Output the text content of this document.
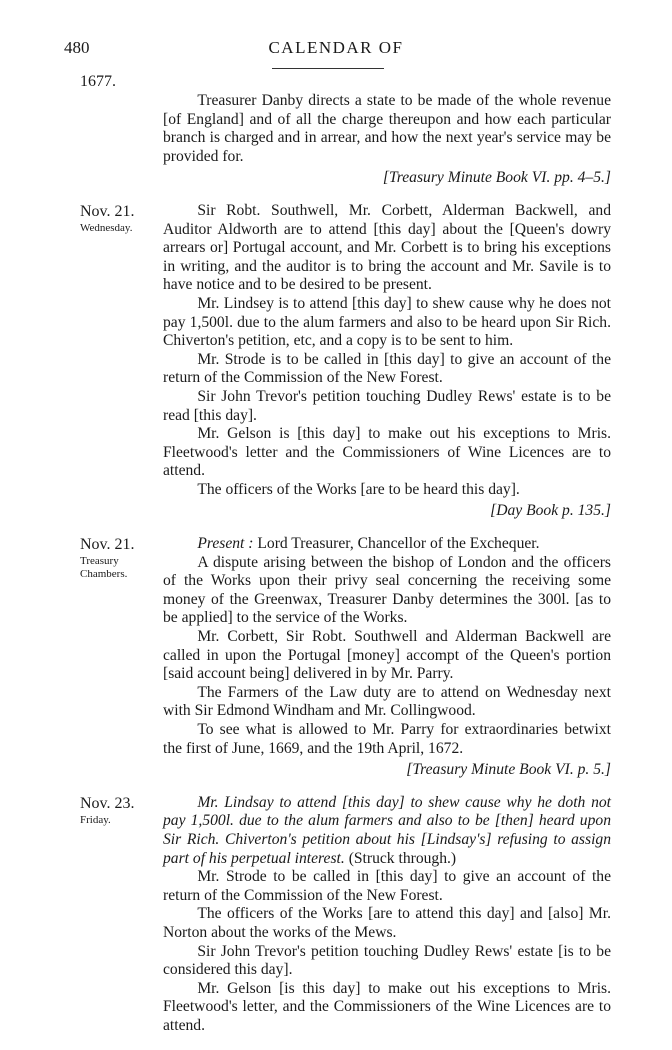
480	CALENDAR OF
1677.

Treasurer Danby directs a state to be made of the whole revenue [of England] and of all the charge thereupon and how each particular branch is charged and in arrear, and how the next year's service may be provided for.

[Treasury Minute Book VI. pp. 4–5.]
Nov. 21.
Wednesday.

Sir Robt. Southwell, Mr. Corbett, Alderman Backwell, and Auditor Aldworth are to attend [this day] about the [Queen's dowry arrears or] Portugal account, and Mr. Corbett is to bring his exceptions in writing, and the auditor is to bring the account and Mr. Savile is to have notice and to be desired to be present.

Mr. Lindsey is to attend [this day] to shew cause why he does not pay 1,500l. due to the alum farmers and also to be heard upon Sir Rich. Chiverton's petition, etc, and a copy is to be sent to him.

Mr. Strode is to be called in [this day] to give an account of the return of the Commission of the New Forest.

Sir John Trevor's petition touching Dudley Rews' estate is to be read [this day].

Mr. Gelson is [this day] to make out his exceptions to Mris. Fleetwood's letter and the Commissioners of Wine Licences are to attend.

The officers of the Works [are to be heard this day].

[Day Book p. 135.]
Nov. 21.
Treasury Chambers.

Present : Lord Treasurer, Chancellor of the Exchequer.

A dispute arising between the bishop of London and the officers of the Works upon their privy seal concerning the receiving some money of the Greenwax, Treasurer Danby determines the 300l. [as to be applied] to the service of the Works.

Mr. Corbett, Sir Robt. Southwell and Alderman Backwell are called in upon the Portugal [money] accompt of the Queen's portion [said account being] delivered in by Mr. Parry.

The Farmers of the Law duty are to attend on Wednesday next with Sir Edmond Windham and Mr. Collingwood.

To see what is allowed to Mr. Parry for extraordinaries betwixt the first of June, 1669, and the 19th April, 1672.

[Treasury Minute Book VI. p. 5.]
Nov. 23.
Friday.

Mr. Lindsay to attend [this day] to shew cause why he doth not pay 1,500l. due to the alum farmers and also to be [then] heard upon Sir Rich. Chiverton's petition about his [Lindsay's] refusing to assign part of his perpetual interest. (Struck through.)

Mr. Strode to be called in [this day] to give an account of the return of the Commission of the New Forest.

The officers of the Works [are to attend this day] and [also] Mr. Norton about the works of the Mews.

Sir John Trevor's petition touching Dudley Rews' estate [is to be considered this day].

Mr. Gelson [is this day] to make out his exceptions to Mris. Fleetwood's letter, and the Commissioners of the Wine Licences are to attend.
